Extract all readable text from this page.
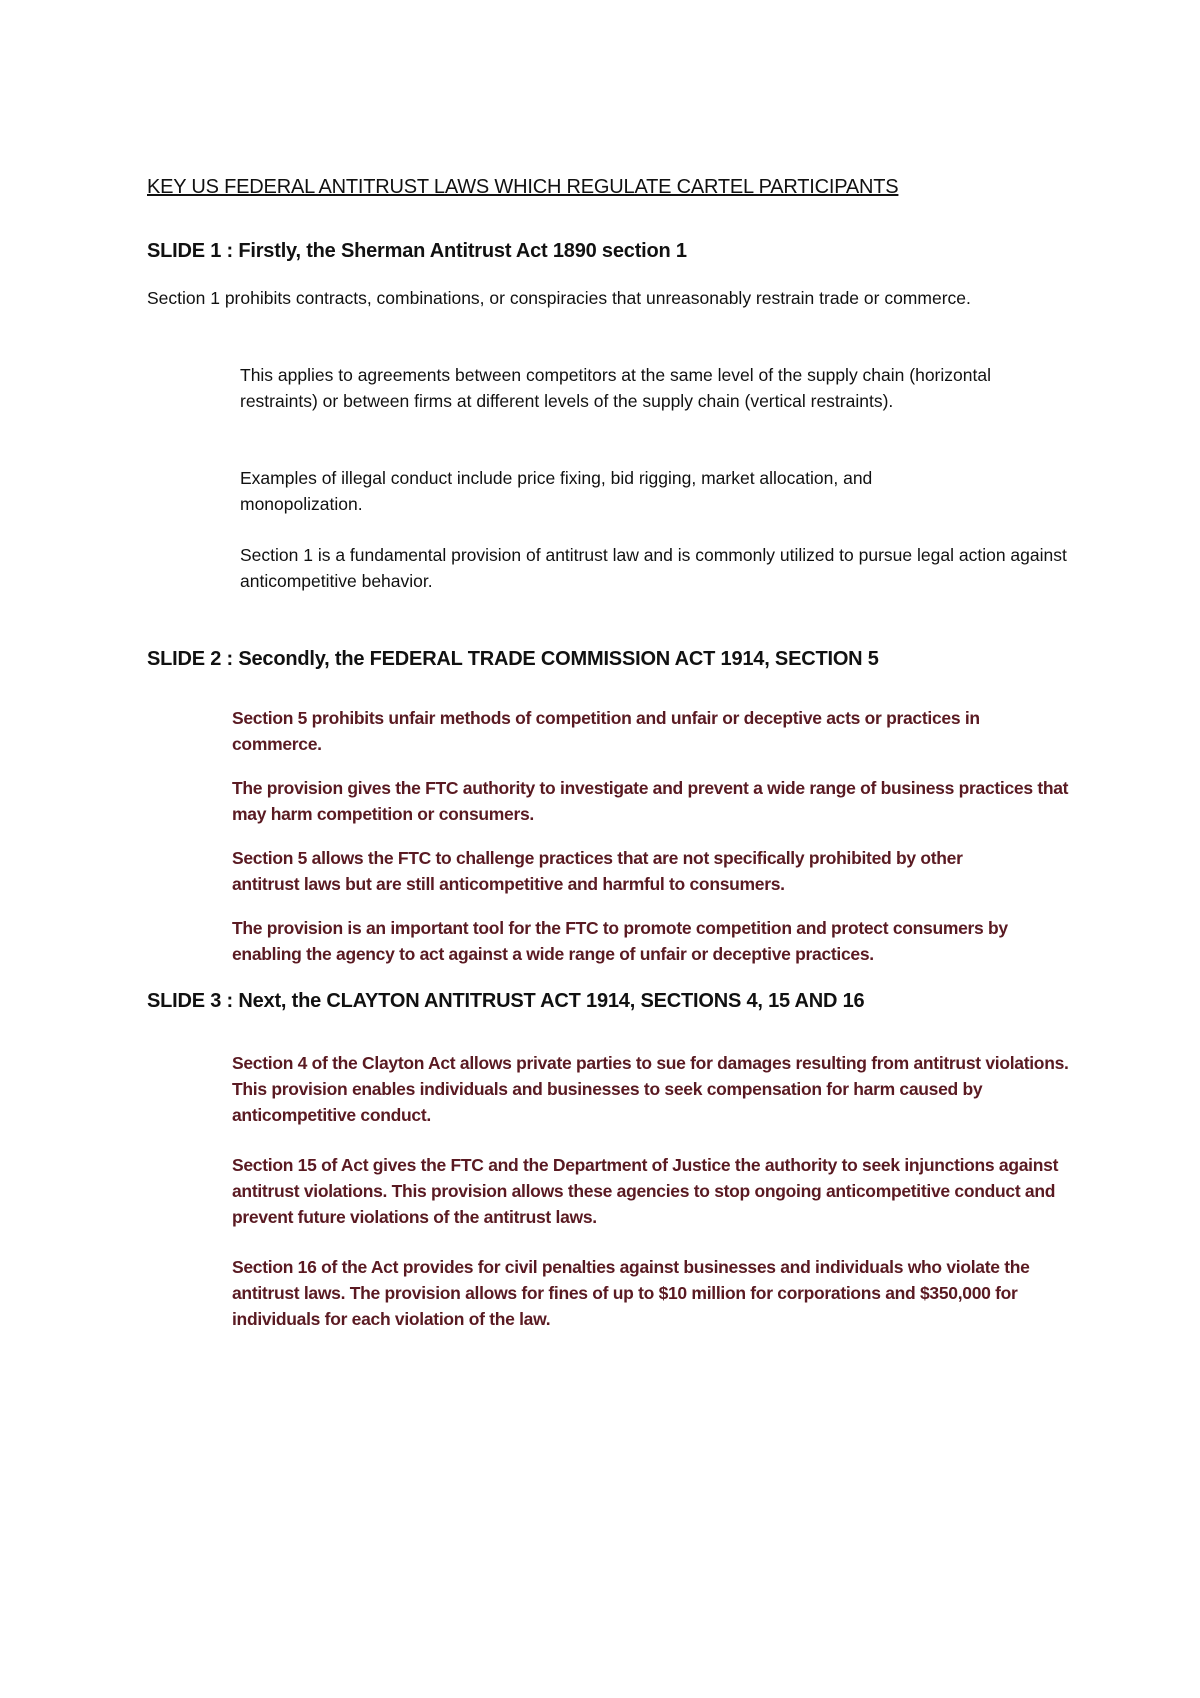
KEY US FEDERAL ANTITRUST LAWS WHICH REGULATE CARTEL PARTICIPANTS
SLIDE 1 : Firstly, the Sherman Antitrust Act 1890 section 1

Section 1 prohibits contracts, combinations, or conspiracies that unreasonably restrain trade or commerce.

This applies to agreements between competitors at the same level of the supply chain (horizontal restraints) or between firms at different levels of the supply chain (vertical restraints).

Examples of illegal conduct include price fixing, bid rigging, market allocation, and monopolization.

Section 1 is a fundamental provision of antitrust law and is commonly utilized to pursue legal action against anticompetitive behavior.

SLIDE 2 : Secondly, the FEDERAL TRADE COMMISSION ACT 1914, SECTION 5

Section 5 prohibits unfair methods of competition and unfair or deceptive acts or practices in commerce.

The provision gives the FTC authority to investigate and prevent a wide range of business practices that may harm competition or consumers.

Section 5 allows the FTC to challenge practices that are not specifically prohibited by other antitrust laws but are still anticompetitive and harmful to consumers.

The provision is an important tool for the FTC to promote competition and protect consumers by enabling the agency to act against a wide range of unfair or deceptive practices.

SLIDE 3 : Next, the CLAYTON ANTITRUST ACT 1914, SECTIONS 4, 15 AND 16

Section 4 of the Clayton Act allows private parties to sue for damages resulting from antitrust violations. This provision enables individuals and businesses to seek compensation for harm caused by anticompetitive conduct.

Section 15 of Act gives the FTC and the Department of Justice the authority to seek injunctions against antitrust violations. This provision allows these agencies to stop ongoing anticompetitive conduct and prevent future violations of the antitrust laws.

Section 16 of the Act provides for civil penalties against businesses and individuals who violate the antitrust laws. The provision allows for fines of up to $10 million for corporations and $350,000 for individuals for each violation of the law.
